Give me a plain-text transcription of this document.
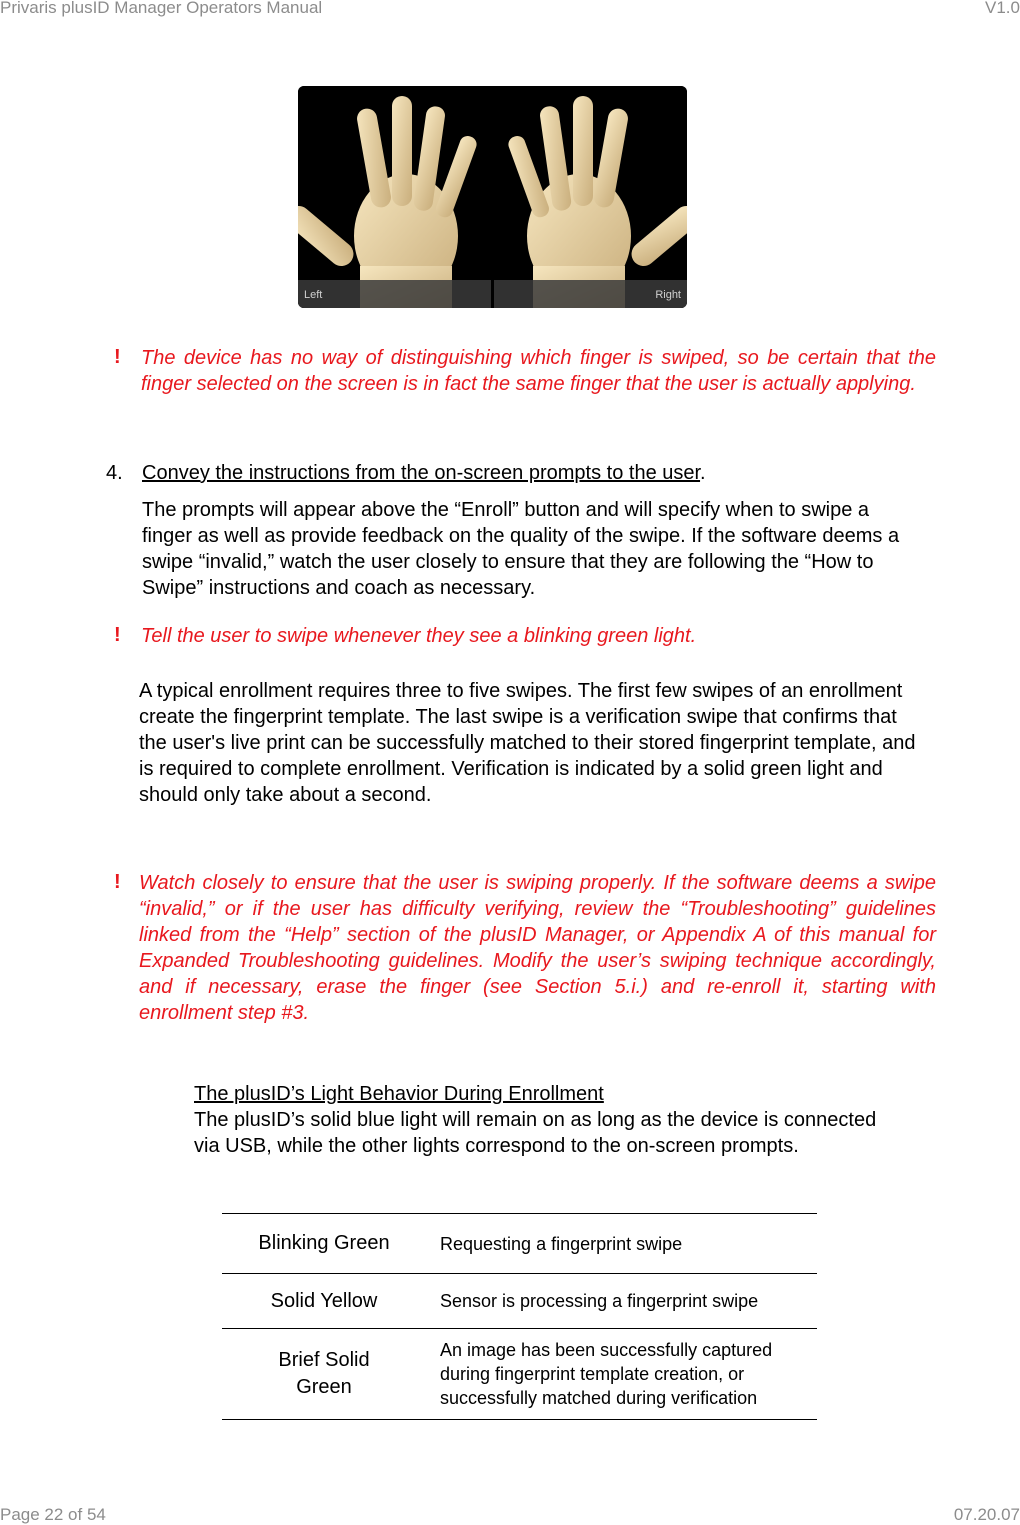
Privaris plusID Manager Operators Manual	V1.0
Left	Right
! The device has no way of distinguishing which finger is swiped, so be certain that the finger selected on the screen is in fact the same finger that the user is actually applying.
4. Convey the instructions from the on-screen prompts to the user.
The prompts will appear above the “Enroll” button and will specify when to swipe a finger as well as provide feedback on the quality of the swipe. If the software deems a swipe “invalid,” watch the user closely to ensure that they are following the “How to Swipe” instructions and coach as necessary.
! Tell the user to swipe whenever they see a blinking green light.
A typical enrollment requires three to five swipes. The first few swipes of an enrollment create the fingerprint template. The last swipe is a verification swipe that confirms that the user's live print can be successfully matched to their stored fingerprint template, and is required to complete enrollment. Verification is indicated by a solid green light and should only take about a second.
! Watch closely to ensure that the user is swiping properly. If the software deems a swipe “invalid,” or if the user has difficulty verifying, review the “Troubleshooting” guidelines linked from the “Help” section of the plusID Manager, or Appendix A of this manual for Expanded Troubleshooting guidelines. Modify the user’s swiping technique accordingly, and if necessary, erase the finger (see Section 5.i.) and re-enroll it, starting with enrollment step #3.
The plusID’s Light Behavior During Enrollment
The plusID’s solid blue light will remain on as long as the device is connected via USB, while the other lights correspond to the on-screen prompts.
Blinking Green	Requesting a fingerprint swipe
Solid Yellow	Sensor is processing a fingerprint swipe
Brief Solid Green	An image has been successfully captured during fingerprint template creation, or successfully matched during verification
Page 22 of 54	07.20.07
